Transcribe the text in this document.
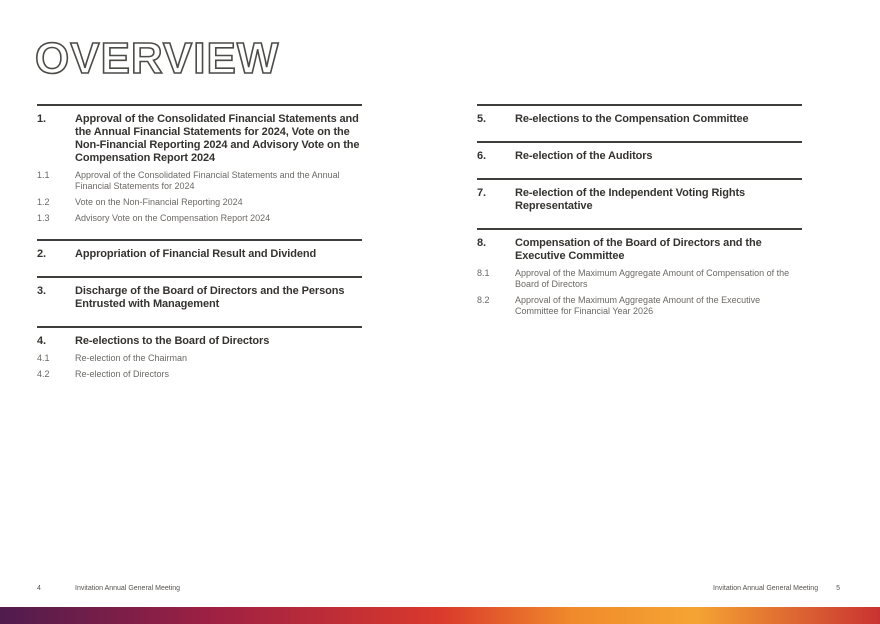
OVERVIEW
1.	Approval of the Consolidated Financial Statements and the Annual Financial Statements for 2024, Vote on the Non-Financial Reporting 2024 and Advisory Vote on the Compensation Report 2024
1.1	Approval of the Consolidated Financial Statements and the Annual Financial Statements for 2024
1.2	Vote on the Non-Financial Reporting 2024
1.3	Advisory Vote on the Compensation Report 2024
2.	Appropriation of Financial Result and Dividend
3.	Discharge of the Board of Directors and the Persons Entrusted with Management
4.	Re-elections to the Board of Directors
4.1	Re-election of the Chairman
4.2	Re-election of Directors
5.	Re-elections to the Compensation Committee
6.	Re-election of the Auditors
7.	Re-election of the Independent Voting Rights Representative
8.	Compensation of the Board of Directors and the Executive Committee
8.1	Approval of the Maximum Aggregate Amount of Compensation of the Board of Directors
8.2	Approval of the Maximum Aggregate Amount of the Executive Committee for Financial Year 2026
4	Invitation Annual General Meeting	Invitation Annual General Meeting	5
